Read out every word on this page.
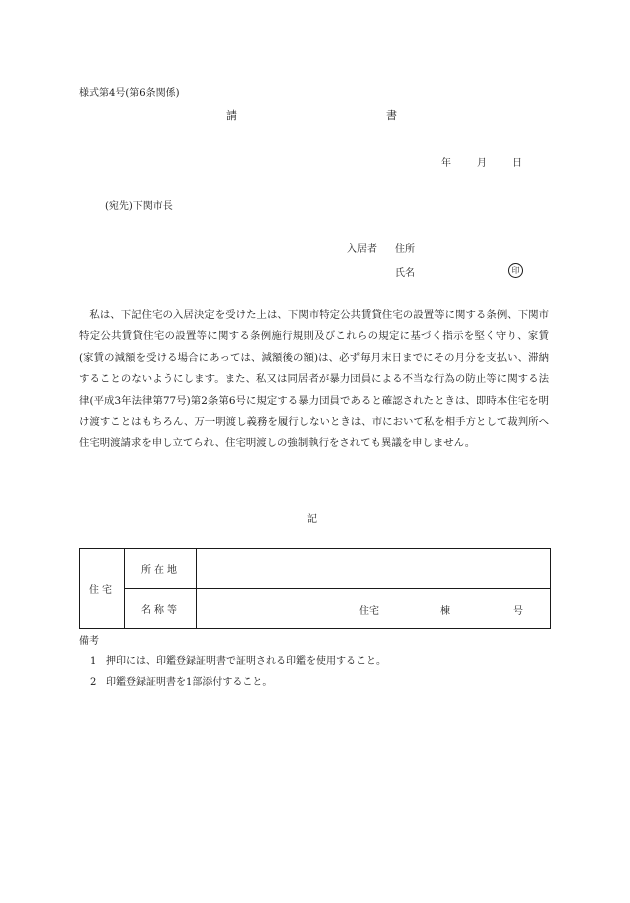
様式第4号(第6条関係)
請	書
年	月	日
(宛先)下関市長
入居者 住所
氏名	印
私は、下記住宅の入居決定を受けた上は、下関市特定公共賃貸住宅の設置等に関する条例、下関市特定公共賃貸住宅の設置等に関する条例施行規則及びこれらの規定に基づく指示を堅く守り、家賃(家賃の減額を受ける場合にあっては、減額後の額)は、必ず毎月末日までにその月分を支払い、滞納することのないようにします。また、私又は同居者が暴力団員による不当な行為の防止等に関する法律(平成3年法律第77号)第2条第6号に規定する暴力団員であると確認されたときは、即時本住宅を明け渡すことはもちろん、万一明渡し義務を履行しないときは、市において私を相手方として裁判所へ住宅明渡請求を申し立てられ、住宅明渡しの強制執行をされても異議を申しません。
記
住宅	所在地	
	名称等	住宅 棟 号
備考
1 押印には、印鑑登録証明書で証明される印鑑を使用すること。
2 印鑑登録証明書を1部添付すること。
